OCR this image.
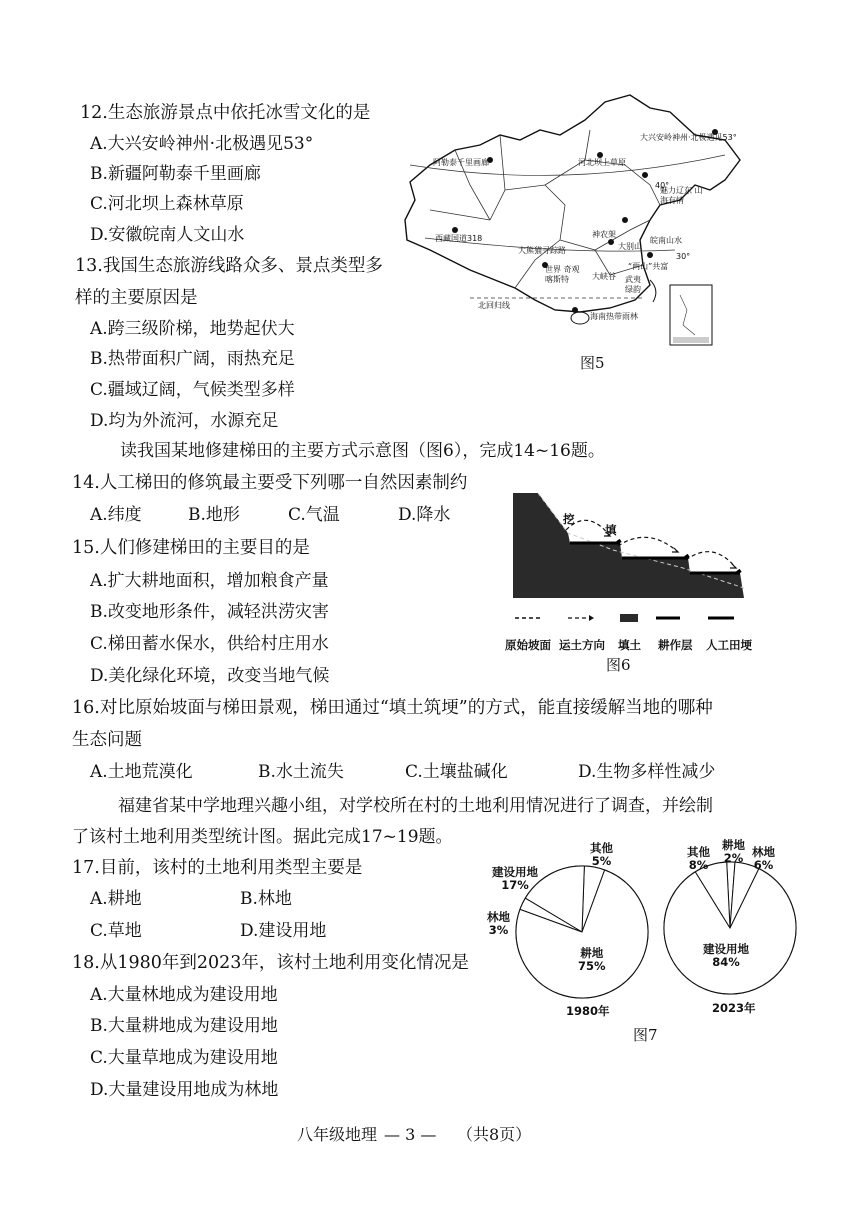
12.生态旅游景点中依托冰雪文化的是
A.大兴安岭神州·北极遇见53°
B.新疆阿勒泰千里画廊
C.河北坝上森林草原
D.安徽皖南人文山水
13.我国生态旅游线路众多、景点类型多
样的主要原因是
A.跨三级阶梯，地势起伏大
B.热带面积广阔，雨热充足
C.疆域辽阔，气候类型多样
D.均为外流河，水源充足
大兴安岭神州·北极遇见53°
阿勒泰千里画廊	河北坝上草原
40°
魅力辽东 山海有情
西藏国道318
大熊猫寻踪路
神农架
大别山
皖南山水
30°
“两山”共富
世界 奇观 喀斯特	大峡谷 武夷 绿韵
北回归线
海南热带雨林
图5
读我国某地修建梯田的主要方式示意图（图6），完成14~16题。
14.人工梯田的修筑最主要受下列哪一自然因素制约
A.纬度	B.地形	C.气温	D.降水
15.人们修建梯田的主要目的是
A.扩大耕地面积，增加粮食产量
B.改变地形条件，减轻洪涝灾害
C.梯田蓄水保水，供给村庄用水
D.美化绿化环境，改变当地气候
挖
填
原始坡面 运土方向 填土 耕作层 人工田埂
图6
16.对比原始坡面与梯田景观，梯田通过“填土筑埂”的方式，能直接缓解当地的哪种
生态问题
A.土地荒漠化	B.水土流失	C.土壤盐碱化	D.生物多样性减少
福建省某中学地理兴趣小组，对学校所在村的土地利用情况进行了调查，并绘制
了该村土地利用类型统计图。据此完成17~19题。
17.目前，该村的土地利用类型主要是
A.耕地	B.林地
C.草地	D.建设用地
18.从1980年到2023年，该村土地利用变化情况是
A.大量林地成为建设用地
B.大量耕地成为建设用地
C.大量草地成为建设用地
D.大量建设用地成为林地
其他
5%
建设用地
17%
林地
3%
耕地
75%
1980年
其他
8%
耕地
2% 林地
6%
建设用地
84%
2023年
图7
八年级地理 — 3 — （共8页）
